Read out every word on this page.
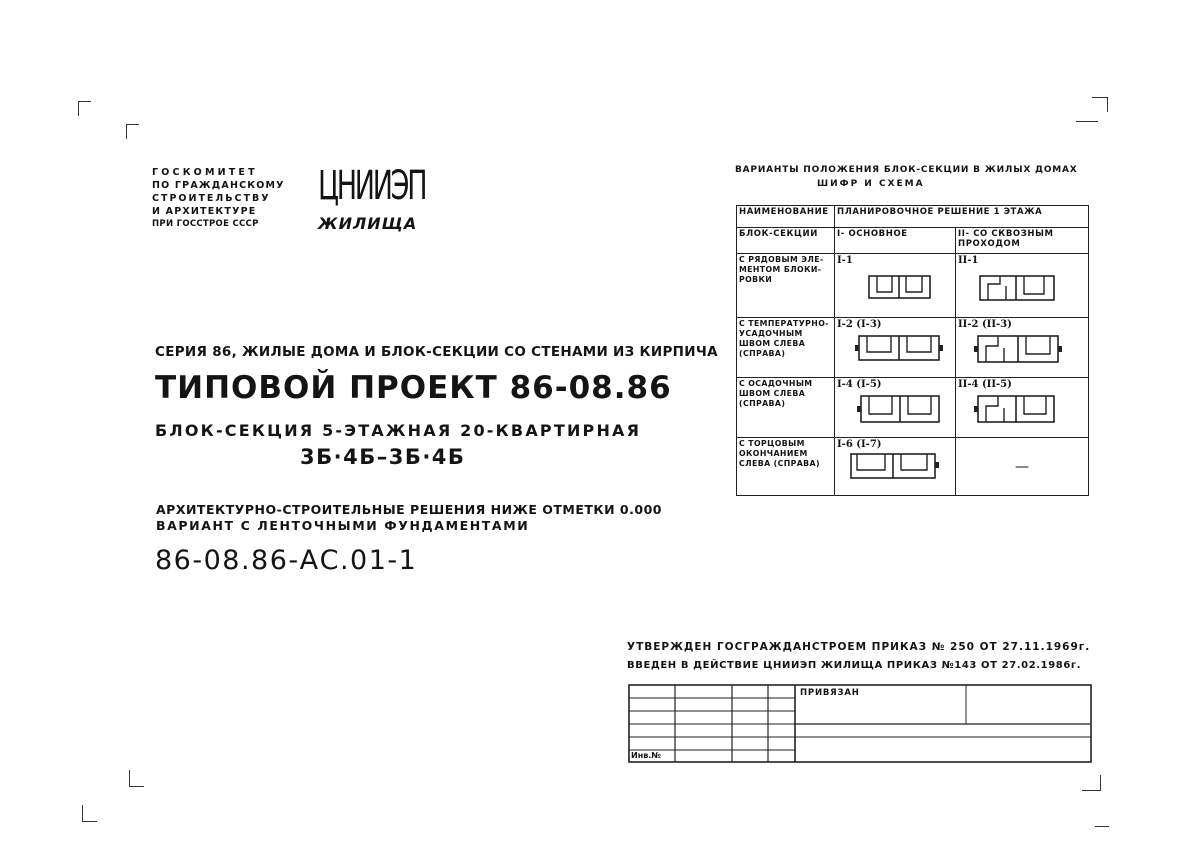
ГОСКОМИТЕТ
ПО ГРАЖДАНСКОМУ
СТРОИТЕЛЬСТВУ
И АРХИТЕКТУРЕ
ПРИ ГОССТРОЕ СССР
ЦНИИЭП
ЖИЛИЩА
СЕРИЯ 86, ЖИЛЫЕ ДОМА И БЛОК-СЕКЦИИ СО СТЕНАМИ ИЗ КИРПИЧА
ТИПОВОЙ ПРОЕКТ 86-08.86
БЛОК-СЕКЦИЯ 5-ЭТАЖНАЯ 20-КВАРТИРНАЯ
3Б·4Б–3Б·4Б
АРХИТЕКТУРНО-СТРОИТЕЛЬНЫЕ РЕШЕНИЯ НИЖЕ ОТМЕТКИ 0.000
ВАРИАНТ С ЛЕНТОЧНЫМИ ФУНДАМЕНТАМИ
86-08.86-АС.01-1
ВАРИАНТЫ ПОЛОЖЕНИЯ БЛОК-СЕКЦИИ В ЖИЛЫХ ДОМАХ
ШИФР И СХЕМА
НАИМЕНОВАНИЕ	ПЛАНИРОВОЧНОЕ РЕШЕНИЕ 1 ЭТАЖА	
БЛОК-СЕКЦИИ	I- ОСНОВНОЕ	II- СО СКВОЗНЫМ ПРОХОДОМ
С РЯДОВЫМ ЭЛЕ-МЕНТОМ БЛОКИ-РОВКИ	I-1	II-1

С ТЕМПЕРАТУРНО-УСАДОЧНЫМ ШВОМ СЛЕВА (СПРАВА)	I-2 (I-3)	II-2 (II-3)

С ОСАДОЧНЫМ ШВОМ СЛЕВА (СПРАВА)	I-4 (I-5)	II-4 (II-5)

С ТОРЦОВЫМ ОКОНЧАНИЕМ СЛЕВА (СПРАВА)	I-6 (I-7)	—
УТВЕРЖДЕН ГОСГРАЖДАНСТРОЕМ ПРИКАЗ № 250 ОТ 27.11.1969г.
ВВЕДЕН В ДЕЙСТВИЕ ЦНИИЭП ЖИЛИЩА ПРИКАЗ №143 ОТ 27.02.1986г.
ПРИВЯЗАН
Инв.№
